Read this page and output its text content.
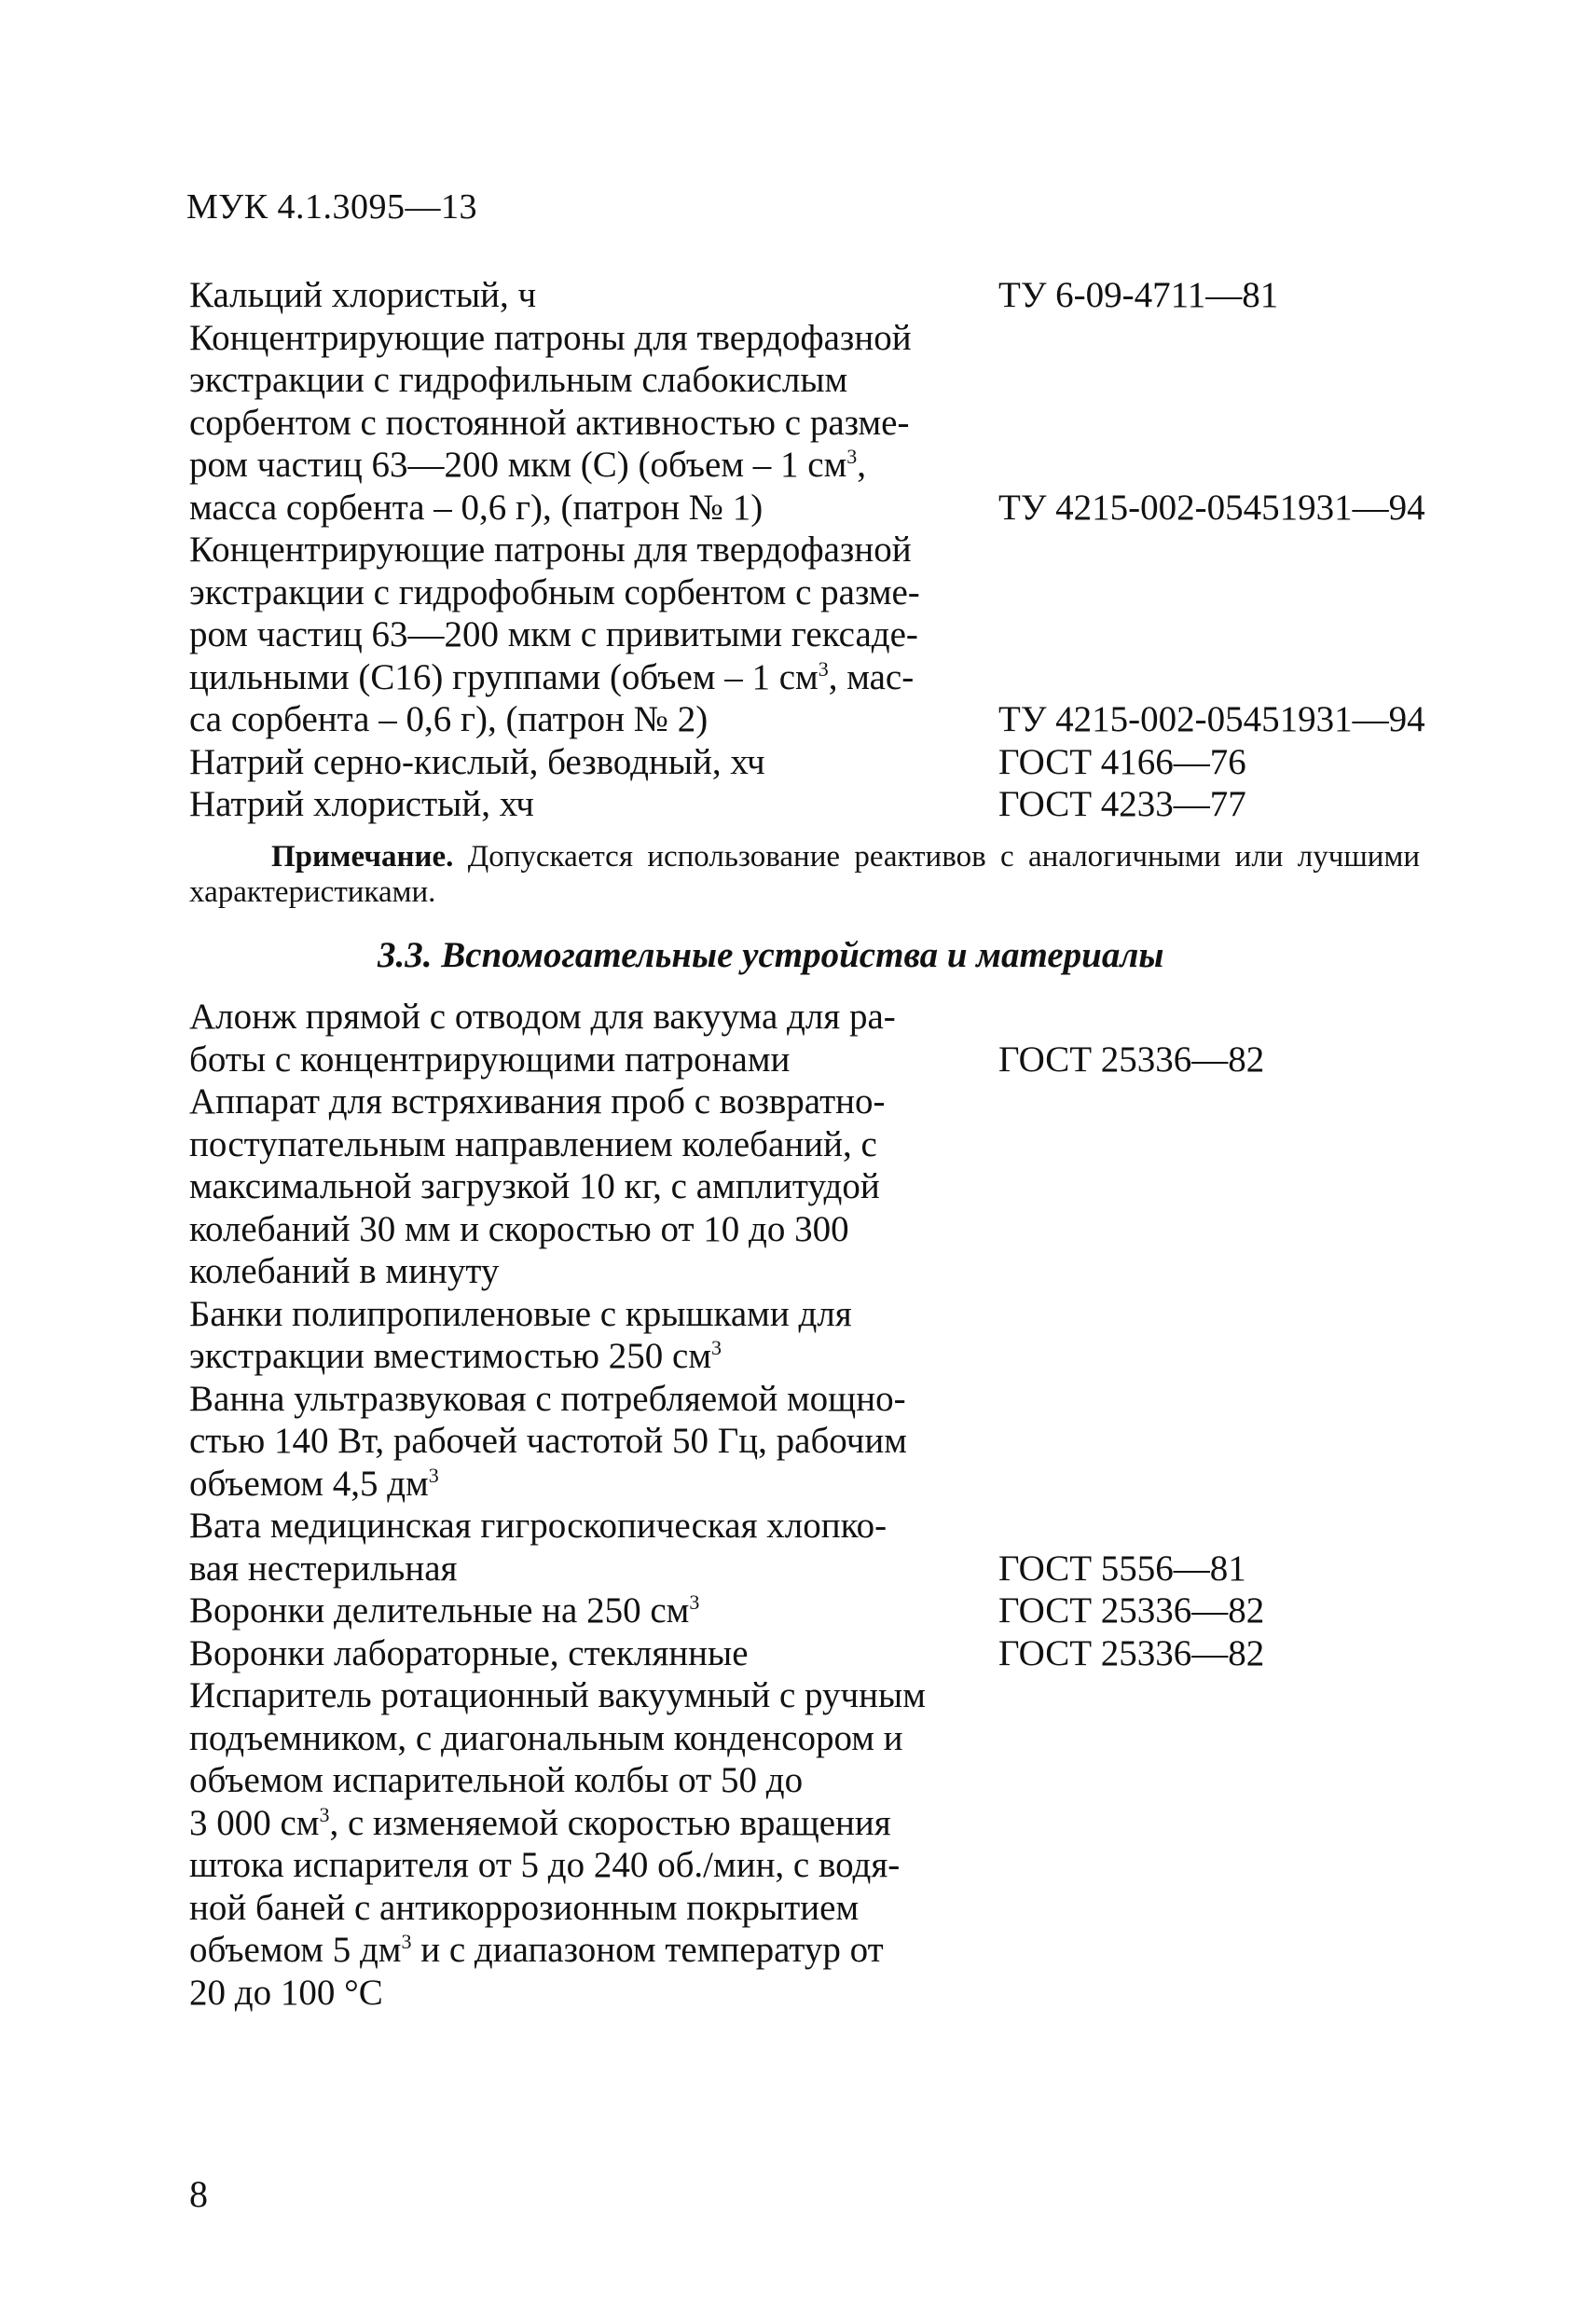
МУК 4.1.3095—13
Кальций хлористый, ч	ТУ 6-09-4711—81
Концентрирующие патроны для твердофазной
экстракции с гидрофильным слабокислым
сорбентом с постоянной активностью с разме-
ром частиц 63—200 мкм (С) (объем – 1 $см^3$,
масса сорбента – 0,6 г), (патрон № 1)	ТУ 4215-002-05451931—94
Концентрирующие патроны для твердофазной
экстракции с гидрофобным сорбентом с разме-
ром частиц 63—200 мкм с привитыми гексаде-
цильными (С16) группами (объем – 1 $см^3$, мас-
са сорбента – 0,6 г), (патрон № 2)	ТУ 4215-002-05451931—94
Натрий серно-кислый, безводный, хч	ГОСТ 4166—76
Натрий хлористый, хч	ГОСТ 4233—77
Примечание. Допускается использование реактивов с аналогичными или лучшими характеристиками.
3.3. Вспомогательные устройства и материалы
Алонж прямой с отводом для вакуума для ра-
боты с концентрирующими патронами	ГОСТ 25336—82
Аппарат для встряхивания проб с возвратно-
поступательным направлением колебаний, с
максимальной загрузкой 10 кг, с амплитудой
колебаний 30 мм и скоростью от 10 до 300
колебаний в минуту
Банки полипропиленовые с крышками для
экстракции вместимостью 250 $см^3$
Ванна ультразвуковая с потребляемой мощно-
стью 140 Вт, рабочей частотой 50 Гц, рабочим
объемом 4,5 $дм^3$
Вата медицинская гигроскопическая хлопко-
вая нестерильная	ГОСТ 5556—81
Воронки делительные на 250 $см^3$	ГОСТ 25336—82
Воронки лабораторные, стеклянные	ГОСТ 25336—82
Испаритель ротационный вакуумный с ручным
подъемником, с диагональным конденсором и
объемом испарительной колбы от 50 до
3 000 $см^3$, с изменяемой скоростью вращения
штока испарителя от 5 до 240 об./мин, с водя-
ной баней с антикоррозионным покрытием
объемом 5 $дм^3$ и с диапазоном температур от
20 до 100 °С
8
